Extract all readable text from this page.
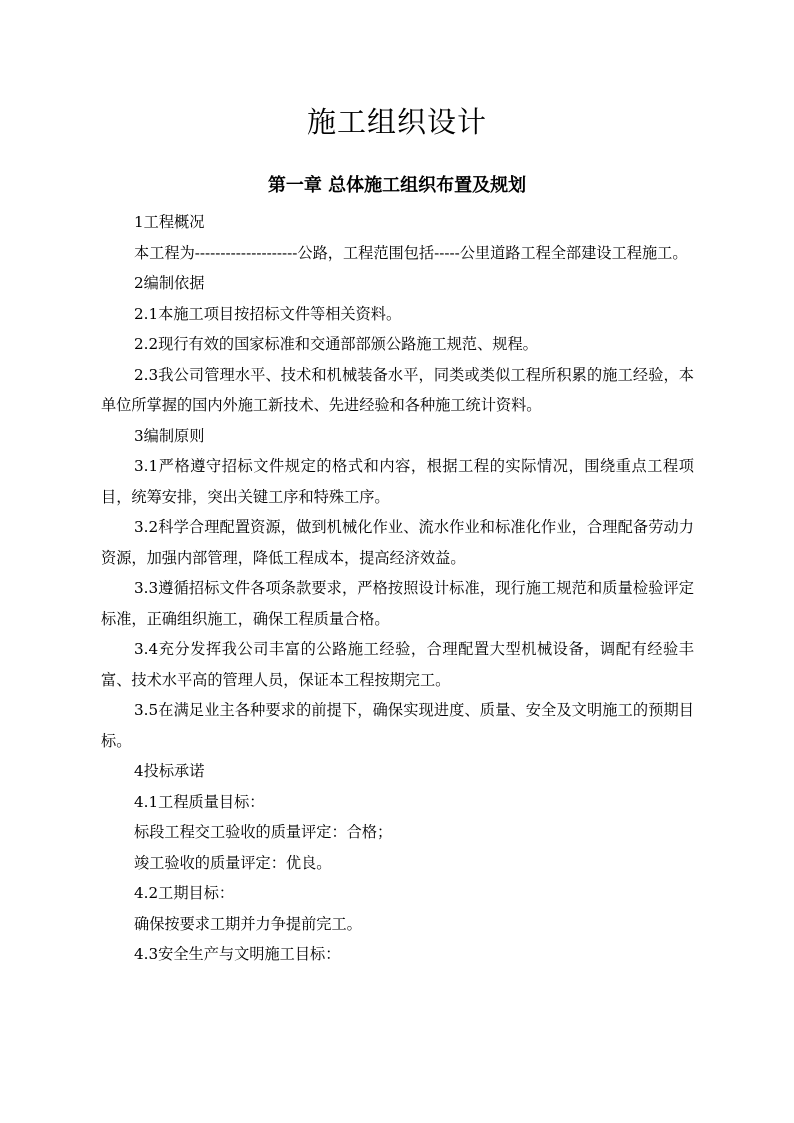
施工组织设计
第一章 总体施工组织布置及规划

1工程概况

本工程为--------------------公路，工程范围包括-----公里道路工程全部建设工程施工。

2编制依据

2.1本施工项目按招标文件等相关资料。

2.2现行有效的国家标准和交通部部颁公路施工规范、规程。

2.3我公司管理水平、技术和机械装备水平，同类或类似工程所积累的施工经验，本单位所掌握的国内外施工新技术、先进经验和各种施工统计资料。

3编制原则

3.1严格遵守招标文件规定的格式和内容，根据工程的实际情况，围绕重点工程项目，统筹安排，突出关键工序和特殊工序。

3.2科学合理配置资源，做到机械化作业、流水作业和标准化作业，合理配备劳动力资源，加强内部管理，降低工程成本，提高经济效益。

3.3遵循招标文件各项条款要求，严格按照设计标准，现行施工规范和质量检验评定标准，正确组织施工，确保工程质量合格。

3.4充分发挥我公司丰富的公路施工经验，合理配置大型机械设备，调配有经验丰富、技术水平高的管理人员，保证本工程按期完工。

3.5在满足业主各种要求的前提下，确保实现进度、质量、安全及文明施工的预期目标。

4投标承诺

4.1工程质量目标：

标段工程交工验收的质量评定：合格；

竣工验收的质量评定：优良。

4.2工期目标：

确保按要求工期并力争提前完工。

4.3安全生产与文明施工目标：
